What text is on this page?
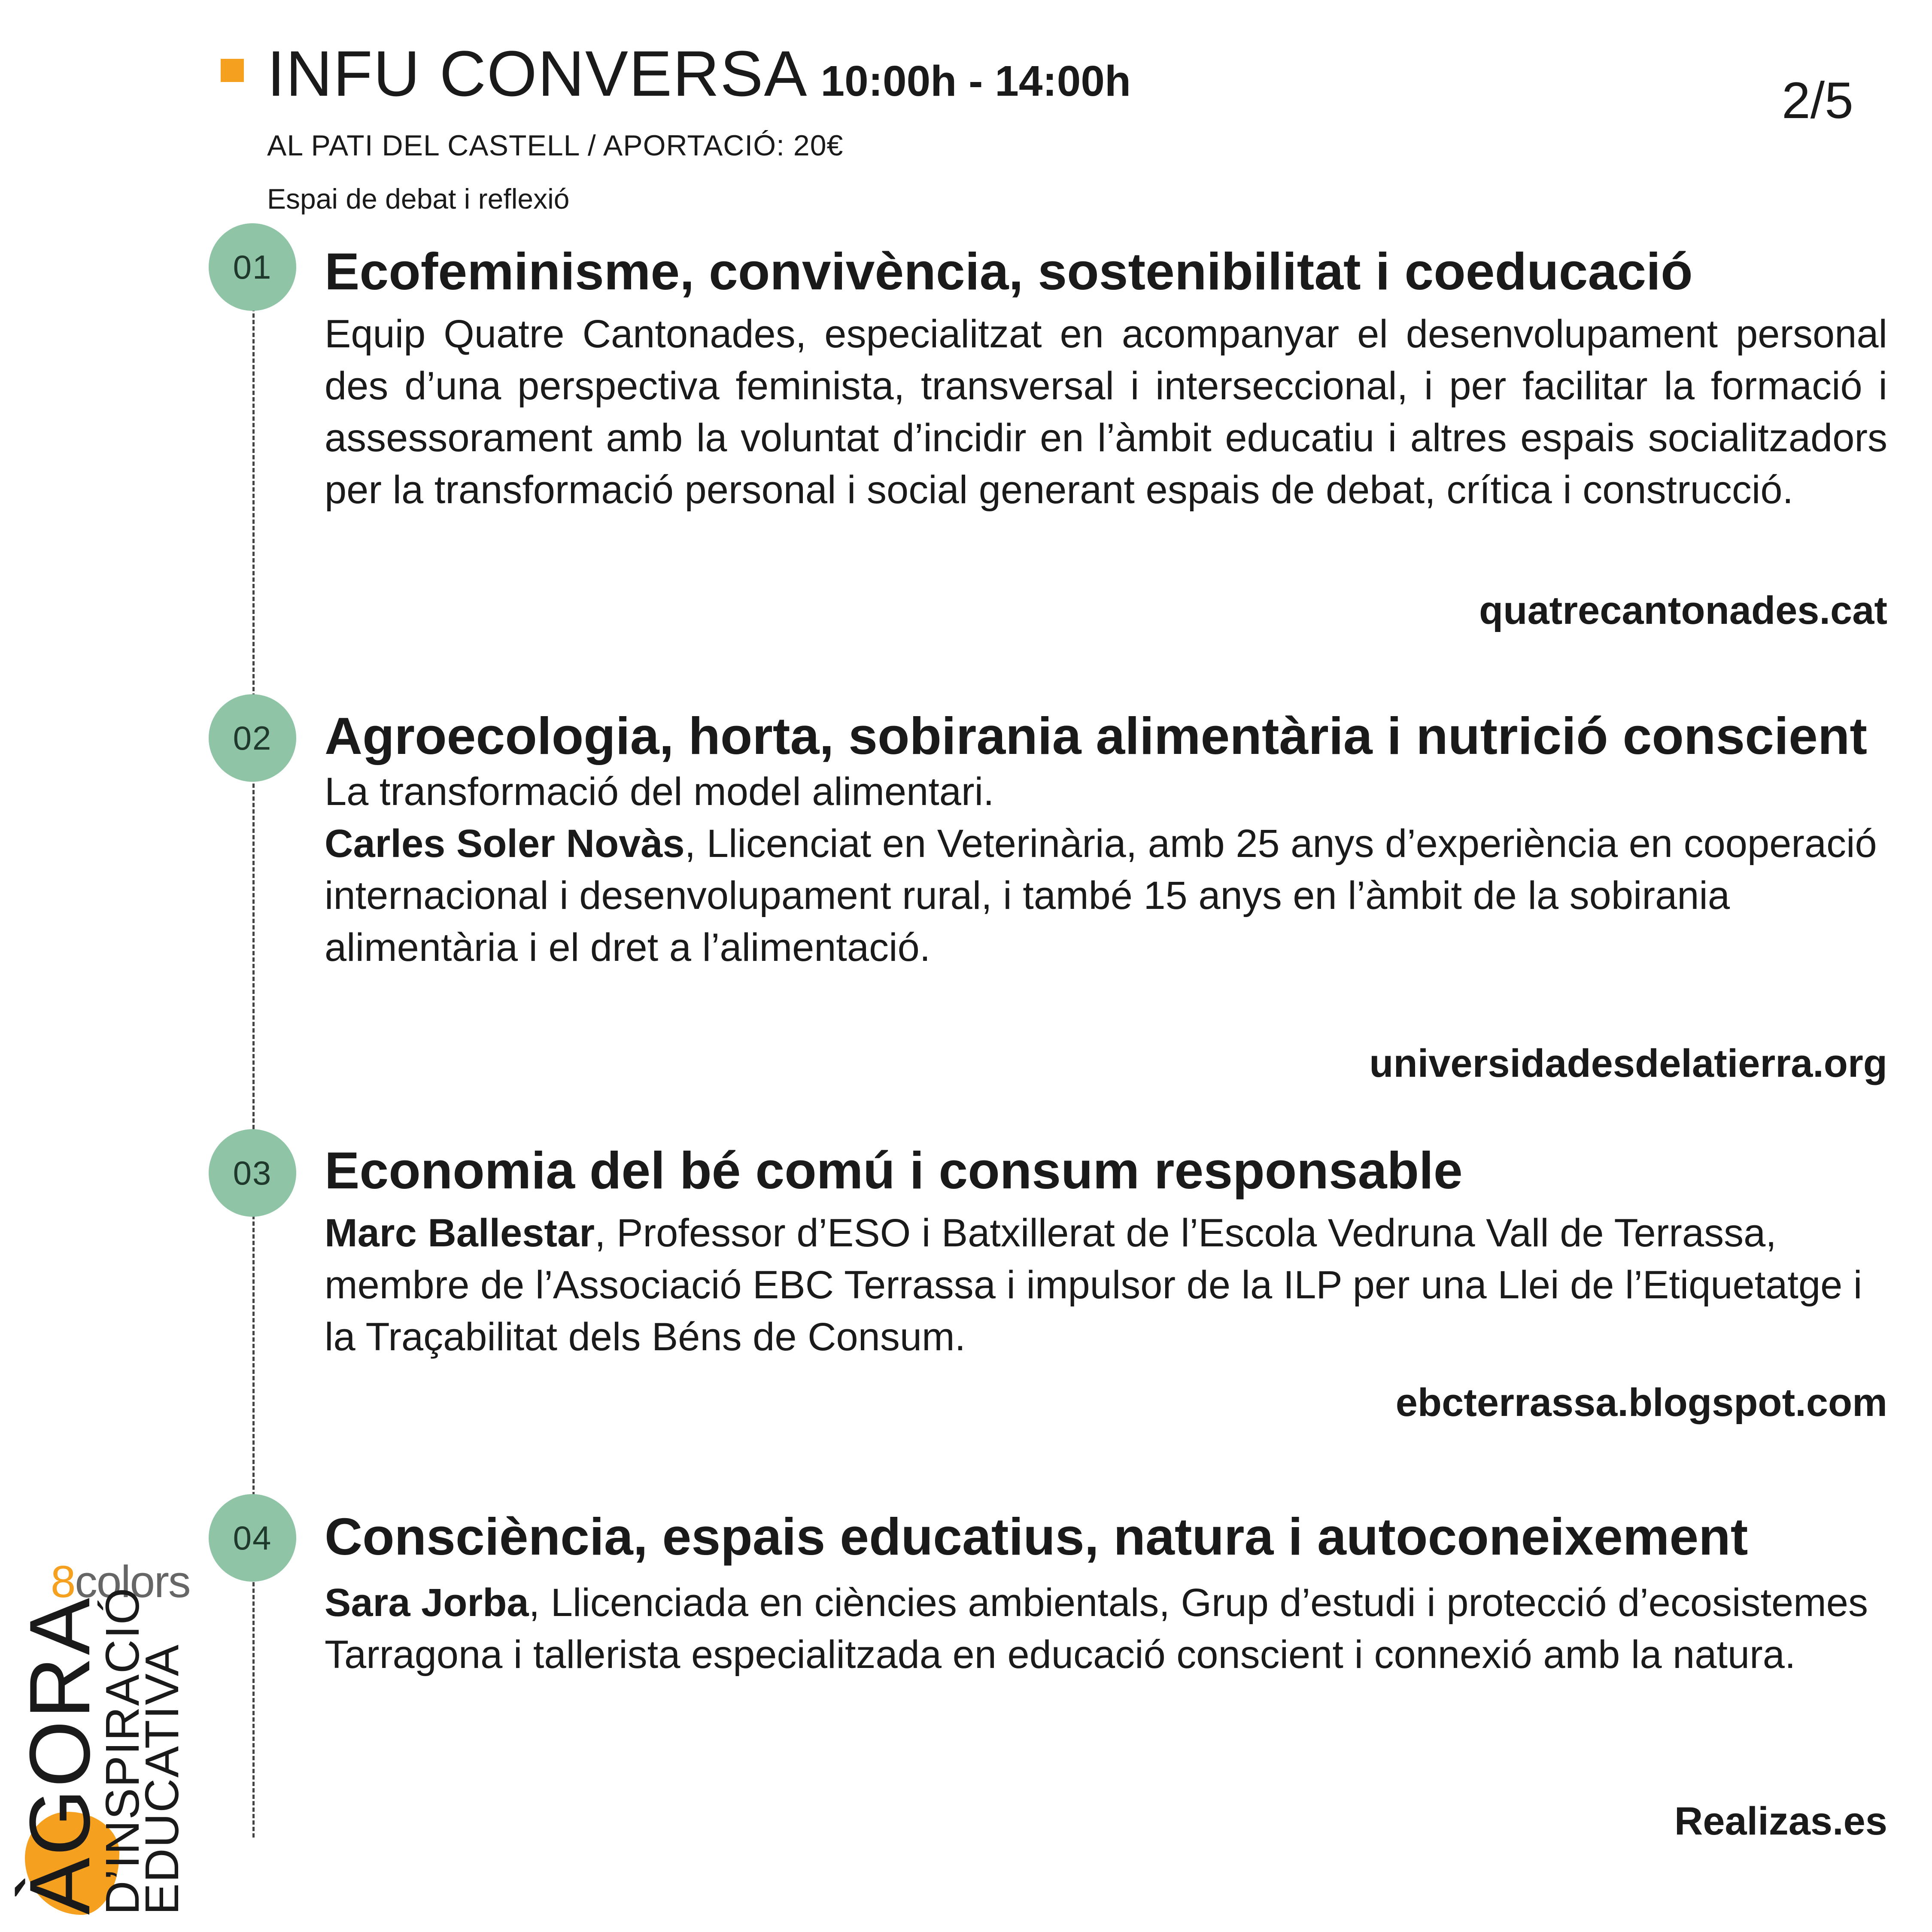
INFU CONVERSA 10:00h - 14:00h
AL PATI DEL CASTELL / APORTACIÓ: 20€
Espai de debat i reflexió
2/5
01	Ecofeminisme, convivència, sostenibilitat i coeducació

Equip Quatre Cantonades, especialitzat en acompanyar el desenvolupament personal des d’una perspectiva feminista, transversal i interseccional, i per facilitar la formació i assessorament amb la voluntat d’incidir en l’àmbit educatiu i altres espais socialitzadors per la transformació personal i social generant espais de debat, crítica i construcció.

quatrecantonades.cat
02	Agroecologia, horta, sobirania alimentària i nutrició conscient
La transformació del model alimentari.

Carles Soler Novàs, Llicenciat en Veterinària, amb 25 anys d’experiència en cooperació internacional i desenvolupament rural, i també 15 anys en l’àmbit de la sobirania alimentària i el dret a l’alimentació.

universidadesdelatierra.org
03	Economia del bé comú i consum responsable

Marc Ballestar, Professor d’ESO i Batxillerat de l’Escola Vedruna Vall de Terrassa, membre de l’Associació EBC Terrassa i impulsor de la ILP per una Llei de l’Etiquetatge i la Traçabilitat dels Béns de Consum.

ebcterrassa.blogspot.com
04	Consciència, espais educatius, natura i autoconeixement

Sara Jorba, Llicenciada en ciències ambientals, Grup d’estudi i protecció d’ecosistemes Tarragona i tallerista especialitzada en educació conscient i connexió amb la natura.

Realizas.es
8colors
ÀGORA
D’INSPIRACIÓ
EDUCATIVA
